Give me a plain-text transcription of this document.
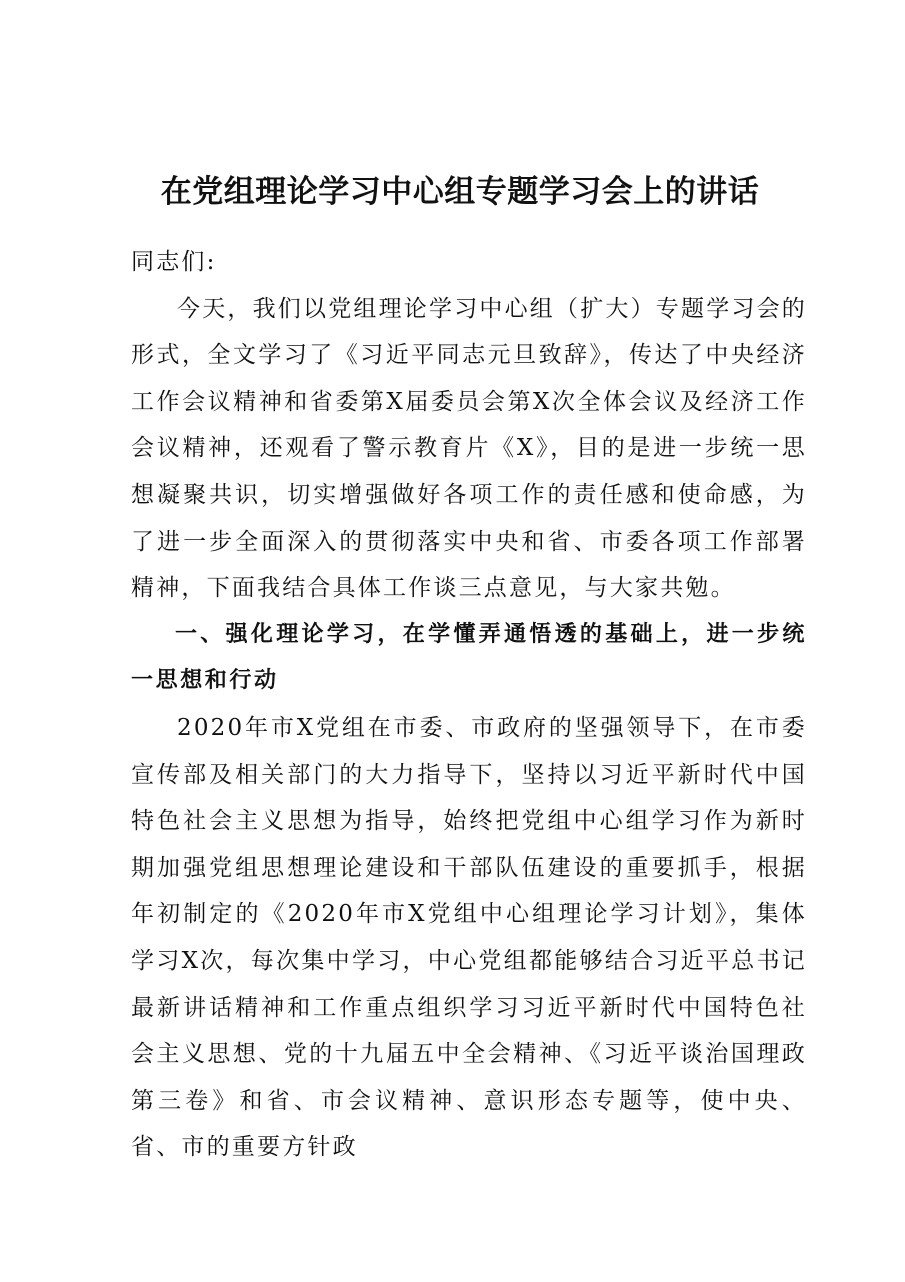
在党组理论学习中心组专题学习会上的讲话

同志们:

今天，我们以党组理论学习中心组（扩大）专题学习会的形式，全文学习了《习近平同志元旦致辞》，传达了中央经济工作会议精神和省委第X届委员会第X次全体会议及经济工作会议精神，还观看了警示教育片《X》，目的是进一步统一思想凝聚共识，切实增强做好各项工作的责任感和使命感，为了进一步全面深入的贯彻落实中央和省、市委各项工作部署精神，下面我结合具体工作谈三点意见，与大家共勉。

一、强化理论学习，在学懂弄通悟透的基础上，进一步统一思想和行动

2020年市X党组在市委、市政府的坚强领导下，在市委宣传部及相关部门的大力指导下，坚持以习近平新时代中国特色社会主义思想为指导，始终把党组中心组学习作为新时期加强党组思想理论建设和干部队伍建设的重要抓手，根据年初制定的《2020年市X党组中心组理论学习计划》，集体学习X次，每次集中学习，中心党组都能够结合习近平总书记最新讲话精神和工作重点组织学习习近平新时代中国特色社会主义思想、党的十九届五中全会精神、《习近平谈治国理政第三卷》和省、市会议精神、意识形态专题等，使中央、省、市的重要方针政
